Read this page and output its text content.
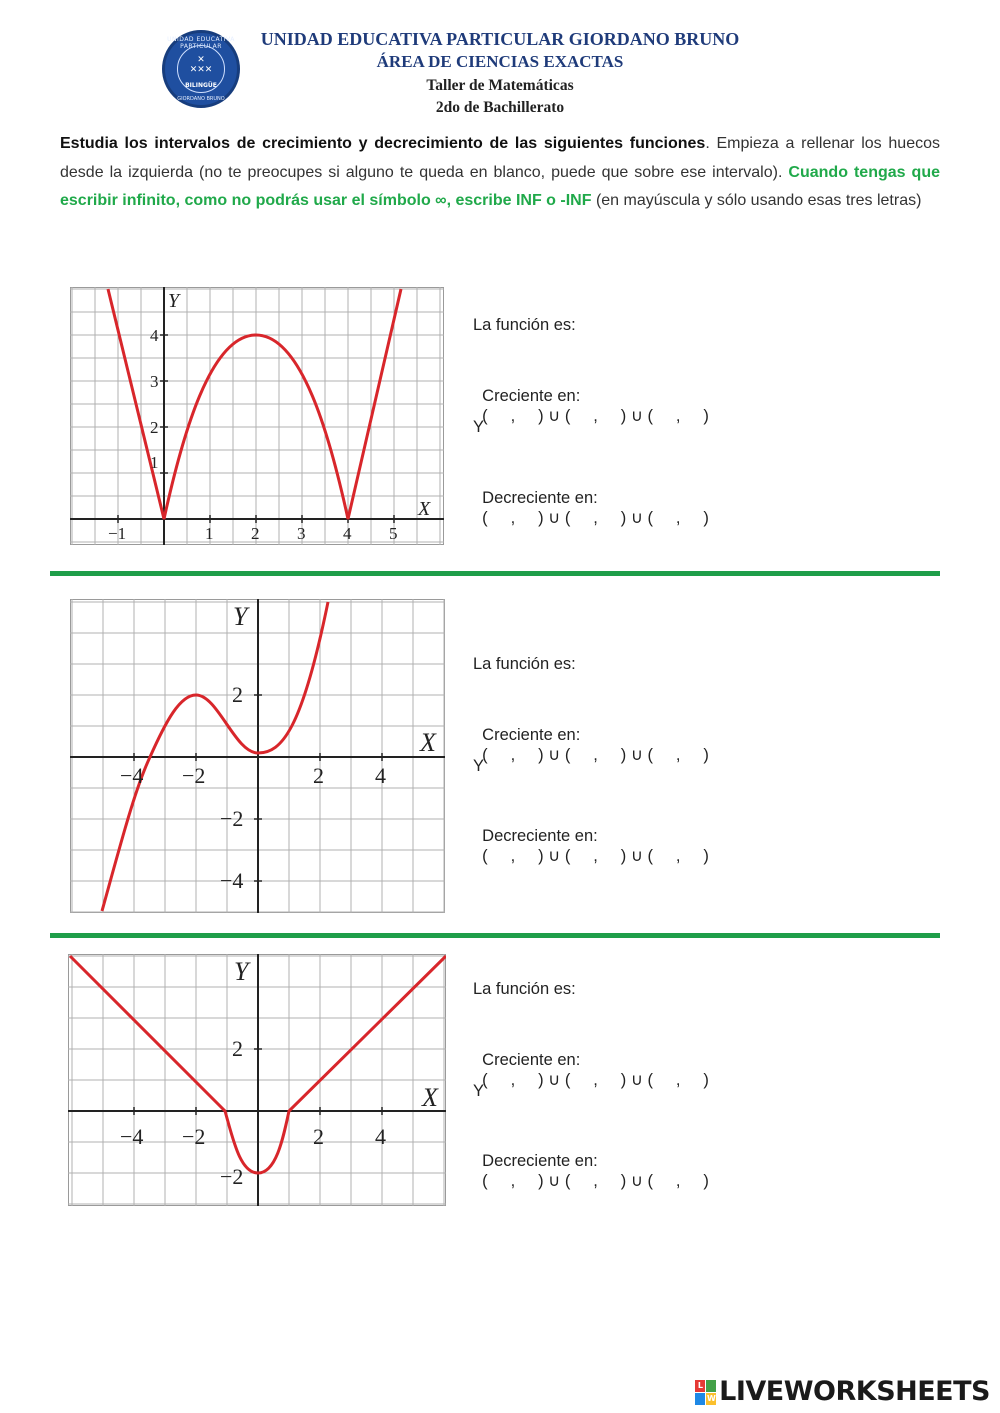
UNIDAD EDUCATIVA PARTICULAR
✕
✕✕✕
BILINGÜE
GIORDANO BRUNO
UNIDAD EDUCATIVA PARTICULAR GIORDANO BRUNO
ÁREA DE CIENCIAS EXACTAS
Taller de Matemáticas
2do de Bachillerato
Estudia los intervalos de crecimiento y decrecimiento de las siguientes funciones. Empieza a rellenar los huecos desde la izquierda (no te preocupes si alguno te queda en blanco, puede que sobre ese intervalo). Cuando tengas que escribir infinito, como no podrás usar el símbolo ∞, escribe INF o -INF (en mayúscula y sólo usando esas tres letras)
−1	1 2 3 4 5
1
2
3
4
X
Y
La función es:

Creciente en:
(     ,     ) ∪ (     ,     ) ∪ (     ,     )

Y

Decreciente en:
(     ,     ) ∪ (     ,     ) ∪ (     ,     )

−4 −2	2 4
2
−2
−4
X
Y
La función es:

Creciente en:
(     ,     ) ∪ (     ,     ) ∪ (     ,     )

Y

Decreciente en:
(     ,     ) ∪ (     ,     ) ∪ (     ,     )

−4 −2	2 4
2
−2
X
Y
La función es:

Creciente en:
(     ,     ) ∪ (     ,     ) ∪ (     ,     )

Y

Decreciente en:
(     ,     ) ∪ (     ,     ) ∪ (     ,     )

L
W LIVEWORKSHEETS
